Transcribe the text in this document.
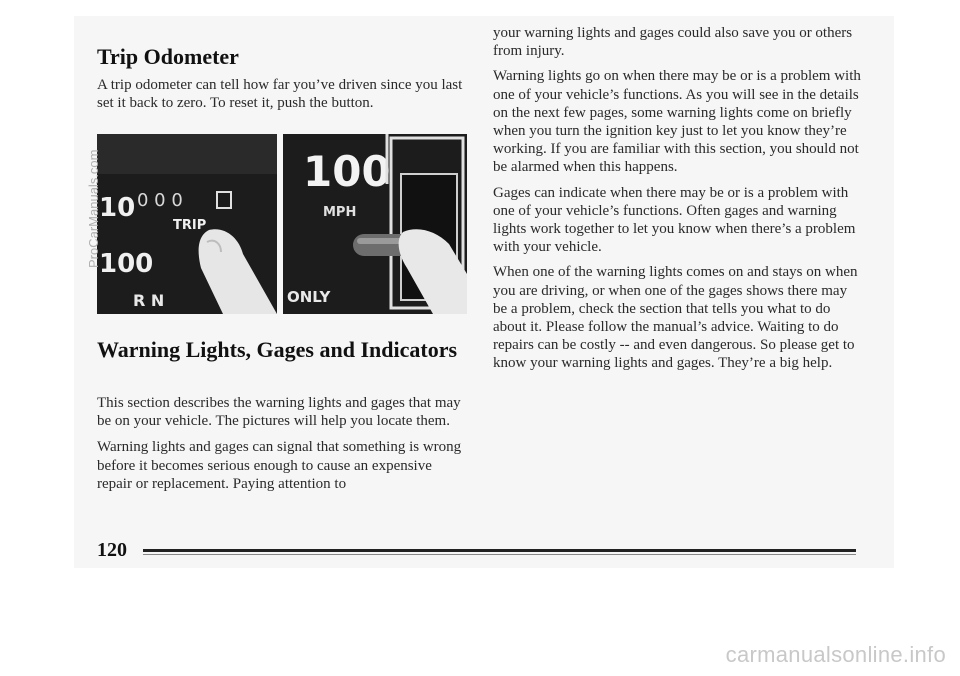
Trip Odometer

A trip odometer can tell how far you’ve driven since you last set it back to zero. To reset it, push the button.

0 0 0
10
TRIP
100
R N
100
MPH
ONLY
Warning Lights, Gages and Indicators

This section describes the warning lights and gages that may be on your vehicle. The pictures will help you locate them.

Warning lights and gages can signal that something is wrong before it becomes serious enough to cause an expensive repair or replacement. Paying attention to

your warning lights and gages could also save you or others from injury.

Warning lights go on when there may be or is a problem with one of your vehicle’s functions. As you will see in the details on the next few pages, some warning lights come on briefly when you turn the ignition key just to let you know they’re working. If you are familiar with this section, you should not be alarmed when this happens.

Gages can indicate when there may be or is a problem with one of your vehicle’s functions. Often gages and warning lights work together to let you know when there’s a problem with your vehicle.

When one of the warning lights comes on and stays on when you are driving, or when one of the gages shows there may be a problem, check the section that tells you what to do about it. Please follow the manual’s advice. Waiting to do repairs can be costly -- and even dangerous. So please get to know your warning lights and gages. They’re a big help.

120
ProCarManuals.com
carmanualsonline.info
